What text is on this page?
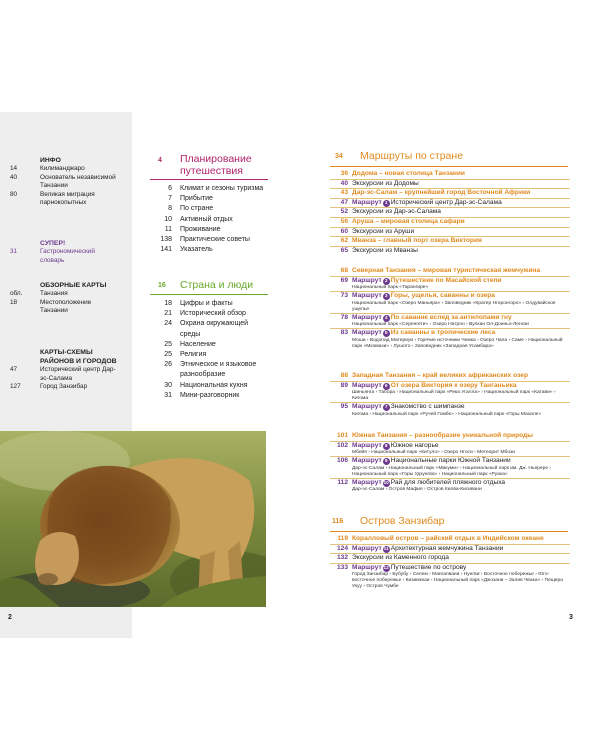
ИНФО
14	Килиманджаро
40	Основатель независимой Танзании
80	Великая миграция парнокопытных
СУПЕР!
31	Гастрономический словарь
ОБЗОРНЫЕ КАРТЫ
обл.	Танзания
18	Местоположение Танзании
КАРТЫ-СХЕМЫ РАЙОНОВ И ГОРОДОВ
47	Исторический центр Дар-эс-Салама
127	Город Занзибар
4 Планирование путешествия
6	Климат и сезоны туризма
7	Прибытие
8	По стране
10	Активный отдых
11	Проживание
138	Практические советы
141	Указатель
16 Страна и люди
18	Цифры и факты
21	Исторический обзор
24	Охрана окружающей среды
25	Население
25	Религия
26	Этническое и языковое разнообразие
30	Национальная кухня
31	Мини-разговорник
2
34 Маршруты по стране
36 Додома – новая столица Танзании
40 Экскурсии из Додомы
43 Дар-эс-Салам – крупнейший город Восточной Африки
47 Маршрут 1 Исторический центр Дар-эс-Салама
52 Экскурсии из Дар-эс-Салама
56 Аруша – мировая столица сафари
60 Экскурсии из Аруши
62 Мванза – главный порт озера Виктория
65 Экскурсии из Мванзы
68 Северная Танзания – мировая туристическая жемчужина
69 Маршрут 2 Путешествие по Масайской степи
Национальный парк «Тарангире»
73 Маршрут 3 Горы, ущелья, саванны и озера
Национальный парк «Озеро Маньяра» › Заповедник «Кратер Нгоронгоро» › Олдувайское ущелье
78 Маршрут 4 По саванне вслед за антилопами гну
Национальный парк «Серенгети» › Озеро Натрон › Вулкан Ол-Доиньо-Ленгаи
83 Маршрут 5 Из саванны в тропические леса
Моши › Водопад Материуи › Горячие источники Чемка › Озеро Чала › Саме › Национальный парк «Мкомази» › Лушото › Заповедник «Западная Усамбара»
88 Западная Танзания – край великих африканских озер
89 Маршрут 6 От озера Виктория к озеру Танганьика
Шиньянга › Табора › Национальный парк «Река Угалла» › Национальный парк «Катави» › Кигома
95 Маршрут 7 Знакомство с шимпанзе
Кигома › Национальный парк «Ручей Гомбе» › Национальный парк «Горы Махале»
101 Южная Танзания – разнообразие уникальной природы
102 Маршрут 8 Южное нагорье
Мбейя › Национальный парк «Китуло» › Озеро Нгоси › Метеорит Мбози
106 Маршрут 9 Национальные парки Южной Танзании
Дар-эс-Салам › Национальный парк «Микуми» › Национальный парк им. Дж. Ньерере › Национальный парк «Горы Удзунгва» › Национальный парк «Руаха»
112 Маршрут 10 Рай для любителей пляжного отдыха
Дар-эс-Салам › Остров Мафия › Остров Килва-Кисивани
116 Остров Занзибар
119 Коралловый остров – райский отдых в Индийском океане
124 Маршрут 11 Архитектурная жемчужина Танзании
132 Экскурсии из Каменного города
133 Маршрут 12 Путешествие по острову
Город Занзибар › Бубубу › Селем › Мангапвани › Нунгви › Восточное побережье › Юго-восточное побережье › Кизимкази › Национальный парк «Джозани – Залив Чвака» › Пещера Укуу › Остров Чумбе
3
